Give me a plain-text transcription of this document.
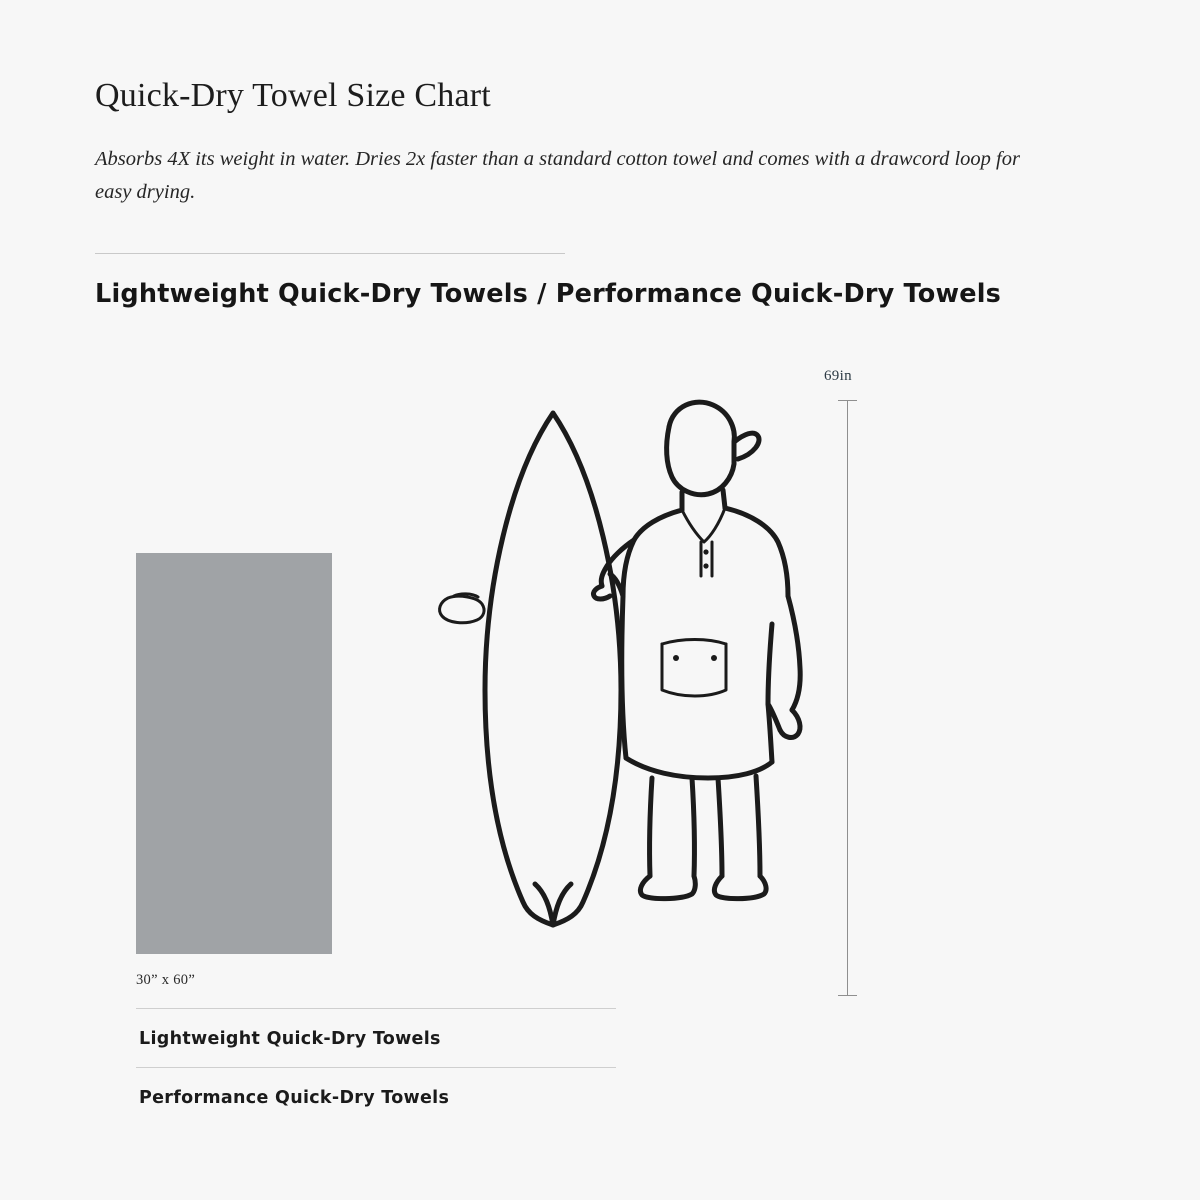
Quick-Dry Towel Size Chart

Absorbs 4X its weight in water. Dries 2x faster than a standard cotton towel and comes with a drawcord loop for easy drying.

Lightweight Quick-Dry Towels / Performance Quick-Dry Towels
30” x 60”
69in
Lightweight Quick-Dry Towels
Performance Quick-Dry Towels
